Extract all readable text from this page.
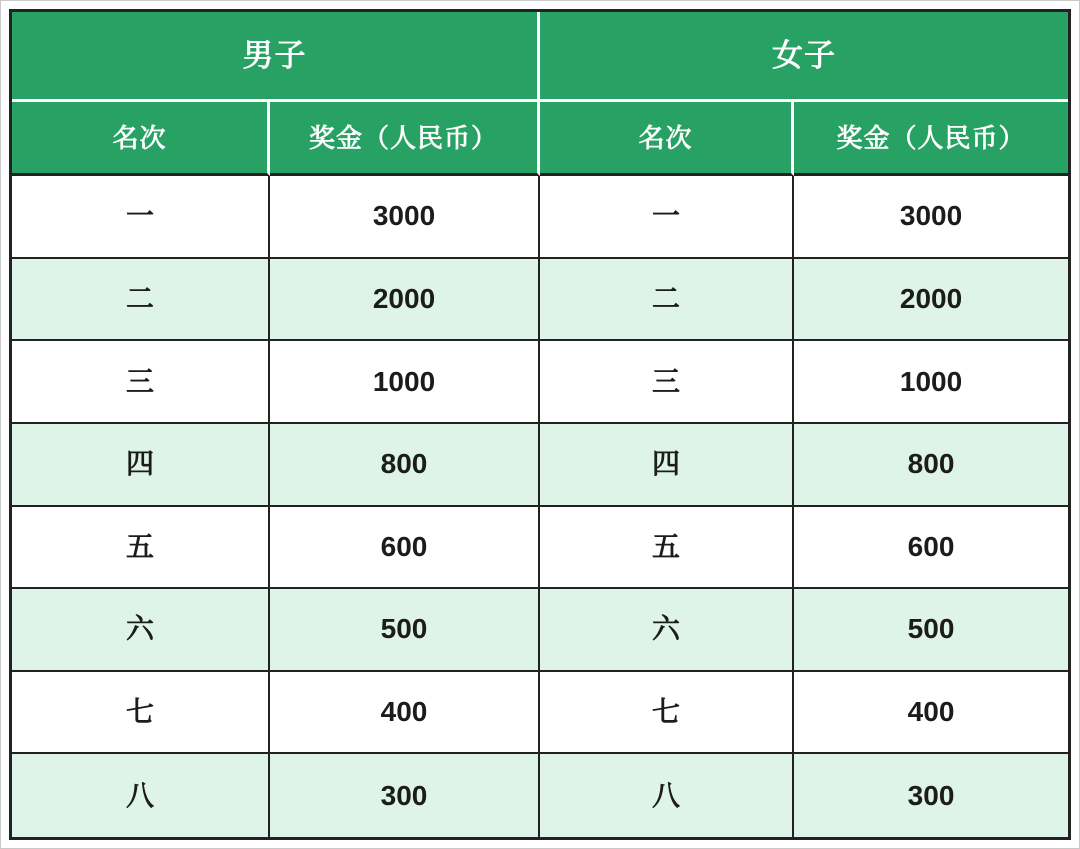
男子	女子
名次	奖金（人民币）	名次	奖金（人民币）
一	3000	一	3000
二	2000	二	2000
三	1000	三	1000
四	800	四	800
五	600	五	600
六	500	六	500
七	400	七	400
八	300	八	300
